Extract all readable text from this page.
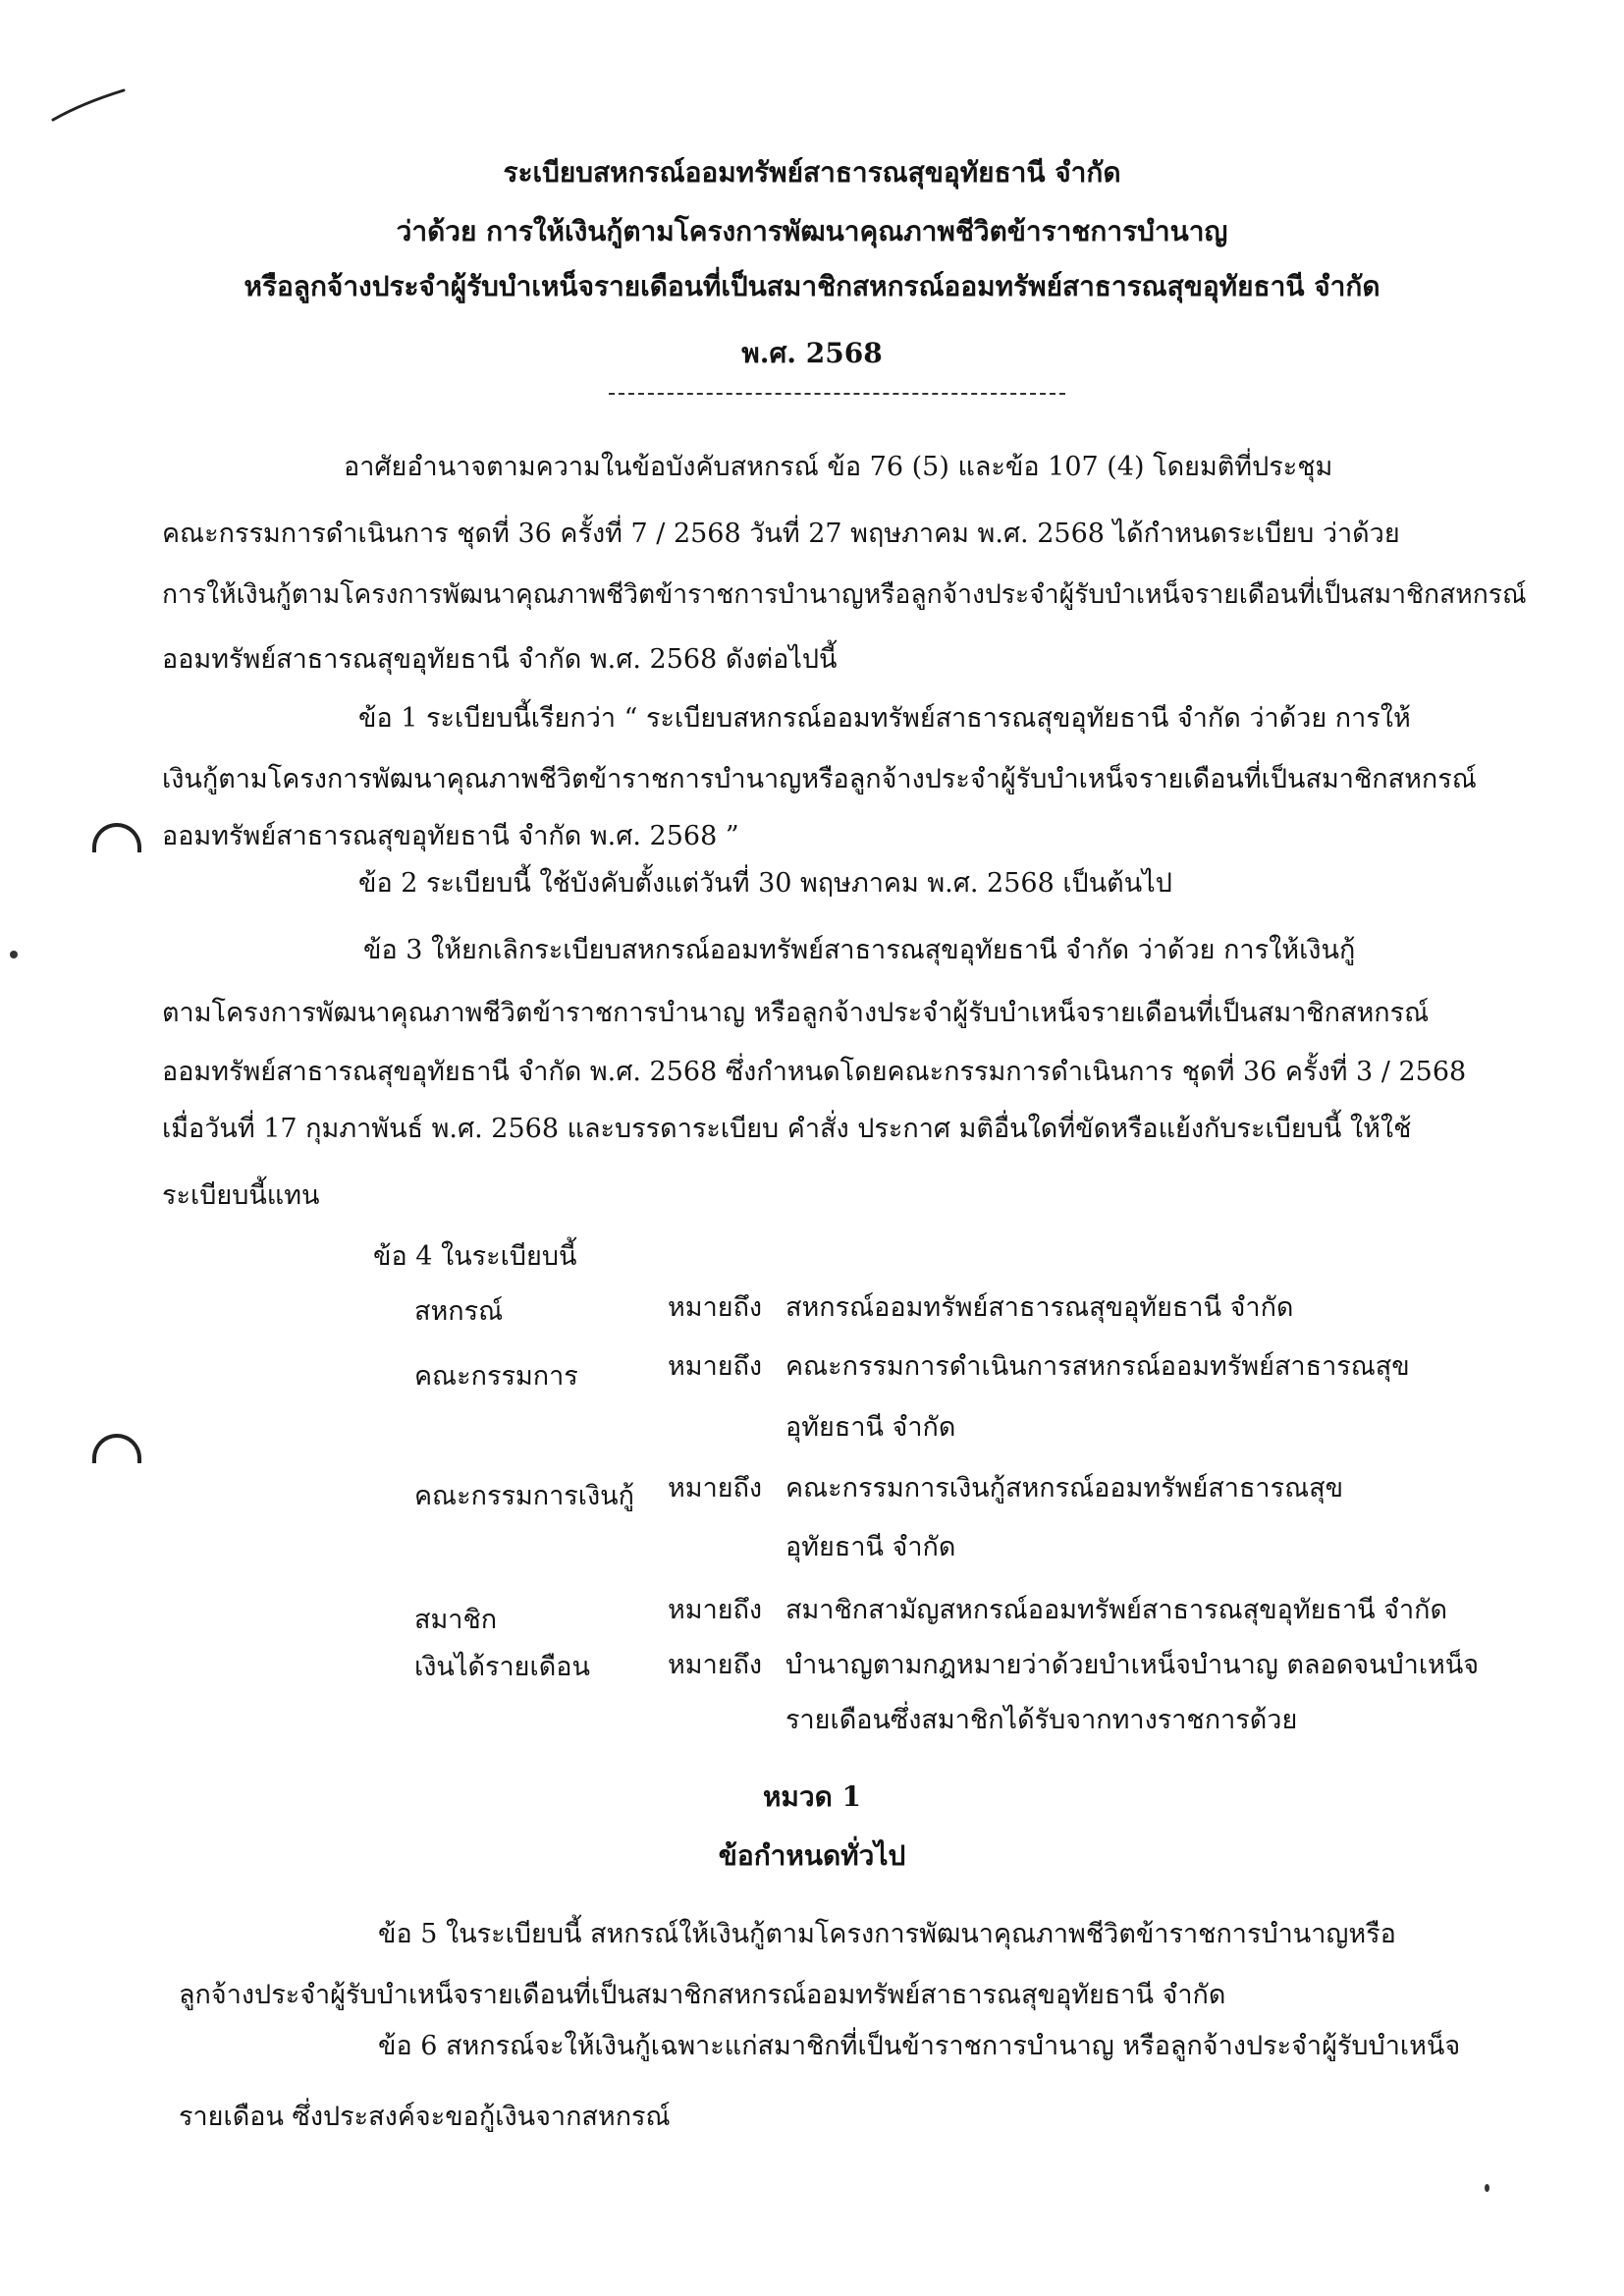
ระเบียบสหกรณ์ออมทรัพย์สาธารณสุขอุทัยธานี จำกัด
ว่าด้วย การให้เงินกู้ตามโครงการพัฒนาคุณภาพชีวิตข้าราชการบำนาญ
หรือลูกจ้างประจำผู้รับบำเหน็จรายเดือนที่เป็นสมาชิกสหกรณ์ออมทรัพย์สาธารณสุขอุทัยธานี จำกัด
พ.ศ. 2568
อาศัยอำนาจตามความในข้อบังคับสหกรณ์ ข้อ 76 (5) และข้อ 107 (4) โดยมติที่ประชุม
คณะกรรมการดำเนินการ ชุดที่ 36 ครั้งที่ 7 / 2568 วันที่ 27 พฤษภาคม พ.ศ. 2568 ได้กำหนดระเบียบ ว่าด้วย
การให้เงินกู้ตามโครงการพัฒนาคุณภาพชีวิตข้าราชการบำนาญหรือลูกจ้างประจำผู้รับบำเหน็จรายเดือนที่เป็นสมาชิกสหกรณ์
ออมทรัพย์สาธารณสุขอุทัยธานี จำกัด พ.ศ. 2568 ดังต่อไปนี้
ข้อ 1 ระเบียบนี้เรียกว่า “ ระเบียบสหกรณ์ออมทรัพย์สาธารณสุขอุทัยธานี จำกัด ว่าด้วย การให้
เงินกู้ตามโครงการพัฒนาคุณภาพชีวิตข้าราชการบำนาญหรือลูกจ้างประจำผู้รับบำเหน็จรายเดือนที่เป็นสมาชิกสหกรณ์
ออมทรัพย์สาธารณสุขอุทัยธานี จำกัด พ.ศ. 2568 ”
ข้อ 2 ระเบียบนี้ ใช้บังคับตั้งแต่วันที่ 30 พฤษภาคม พ.ศ. 2568 เป็นต้นไป
ข้อ 3 ให้ยกเลิกระเบียบสหกรณ์ออมทรัพย์สาธารณสุขอุทัยธานี จำกัด ว่าด้วย การให้เงินกู้
ตามโครงการพัฒนาคุณภาพชีวิตข้าราชการบำนาญ หรือลูกจ้างประจำผู้รับบำเหน็จรายเดือนที่เป็นสมาชิกสหกรณ์
ออมทรัพย์สาธารณสุขอุทัยธานี จำกัด พ.ศ. 2568 ซึ่งกำหนดโดยคณะกรรมการดำเนินการ ชุดที่ 36 ครั้งที่ 3 / 2568
เมื่อวันที่ 17 กุมภาพันธ์ พ.ศ. 2568 และบรรดาระเบียบ คำสั่ง ประกาศ มติอื่นใดที่ขัดหรือแย้งกับระเบียบนี้ ให้ใช้
ระเบียบนี้แทน
ข้อ 4 ในระเบียบนี้
สหกรณ์	หมายถึง สหกรณ์ออมทรัพย์สาธารณสุขอุทัยธานี จำกัด
คณะกรรมการ	หมายถึง คณะกรรมการดำเนินการสหกรณ์ออมทรัพย์สาธารณสุข
อุทัยธานี จำกัด
คณะกรรมการเงินกู้ หมายถึง คณะกรรมการเงินกู้สหกรณ์ออมทรัพย์สาธารณสุข
อุทัยธานี จำกัด
สมาชิก	หมายถึง สมาชิกสามัญสหกรณ์ออมทรัพย์สาธารณสุขอุทัยธานี จำกัด
เงินได้รายเดือน	หมายถึง บำนาญตามกฎหมายว่าด้วยบำเหน็จบำนาญ ตลอดจนบำเหน็จ
รายเดือนซึ่งสมาชิกได้รับจากทางราชการด้วย
หมวด 1
ข้อกำหนดทั่วไป
ข้อ 5 ในระเบียบนี้ สหกรณ์ให้เงินกู้ตามโครงการพัฒนาคุณภาพชีวิตข้าราชการบำนาญหรือ
ลูกจ้างประจำผู้รับบำเหน็จรายเดือนที่เป็นสมาชิกสหกรณ์ออมทรัพย์สาธารณสุขอุทัยธานี จำกัด
ข้อ 6 สหกรณ์จะให้เงินกู้เฉพาะแก่สมาชิกที่เป็นข้าราชการบำนาญ หรือลูกจ้างประจำผู้รับบำเหน็จ
รายเดือน ซึ่งประสงค์จะขอกู้เงินจากสหกรณ์
